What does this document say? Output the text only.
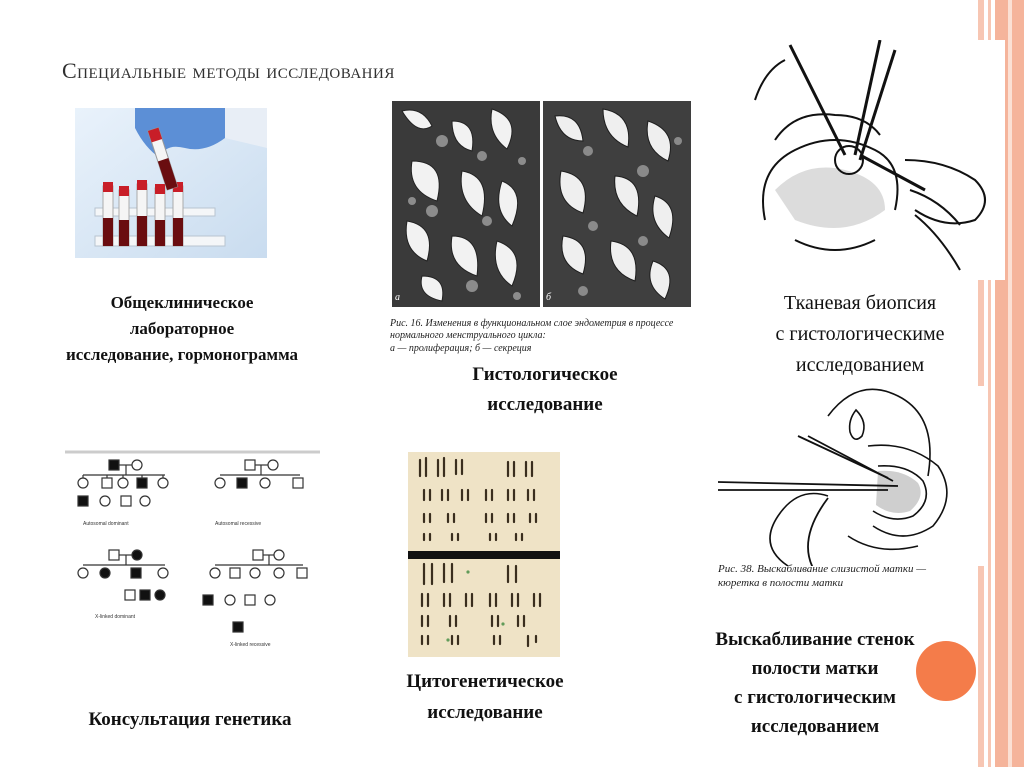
Специальные методы исследования
Общеклиническое
лабораторное
исследование, гормонограмма
а	б
Рис. 16. Изменения в функциональном слое эндометрия в процессе нормального менструального цикла:
а — пролиферация; б — секреция
Гистологическое
исследование
Тканевая биопсия
с гистологическиме
исследованием
Autosomal dominant	Autosomal recessive
X-linked dominant
X-linked recessive
Консультация генетика
Цитогенетическое
исследование
Рис. 38. Выскабливание слизистой матки — кюретка в полости матки
Выскабливание стенок
полости матки
с гистологическим
исследованием
